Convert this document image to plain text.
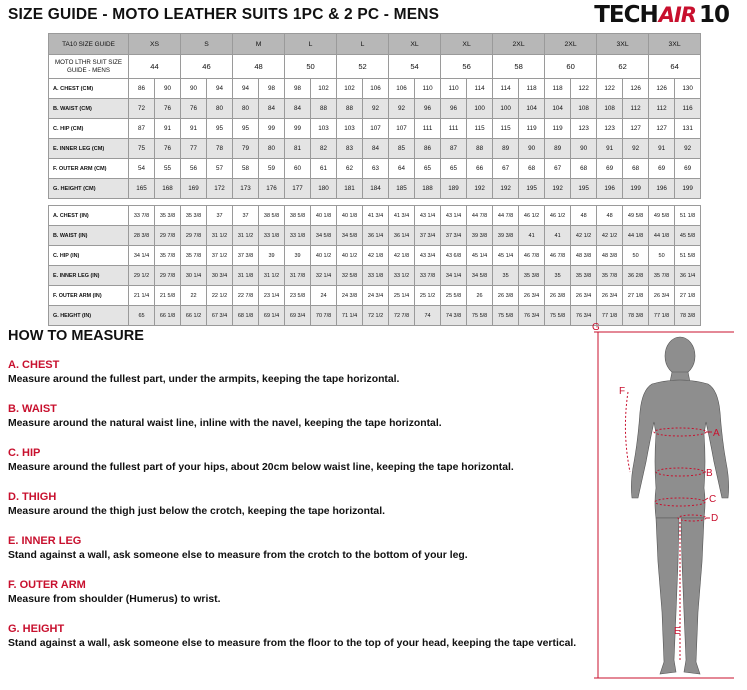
SIZE GUIDE - MOTO LEATHER SUITS 1PC & 2 PC - MENS	TECH AIR 10
TA10 SIZE GUIDE	XS		S		M		L		L		XL		XL		2XL		2XL		3XL		3XL	
MOTO LTHR SUIT SIZE GUIDE - MENS	44		46		48		50		52		54		56		58		60		62		64	
A. CHEST (CM)	86	90	90	94	94	98	98	102	102	106	106	110	110	114	114	118	118	122	122	126	126	130
B. WAIST (CM)	72	76	76	80	80	84	84	88	88	92	92	96	96	100	100	104	104	108	108	112	112	116
C. HIP (CM)	87	91	91	95	95	99	99	103	103	107	107	111	111	115	115	119	119	123	123	127	127	131
E. INNER LEG (CM)	75	76	77	78	79	80	81	82	83	84	85	86	87	88	89	90	89	90	91	92	91	92
F. OUTER ARM (CM)	54	55	56	57	58	59	60	61	62	63	64	65	65	66	67	68	67	68	69	68	69	69
G. HEIGHT (CM)	165	168	169	172	173	176	177	180	181	184	185	188	189	192	192	195	192	195	196	199	196	199

A. CHEST (IN)	33 7/8	35 3/8	35 3/8	37	37	38 5/8	38 5/8	40 1/8	40 1/8	41 3/4	41 3/4	43 1/4	43 1/4	44 7/8	44 7/8	46 1/2	46 1/2	48	48	49 5/8	49 5/8	51 1/8
B. WAIST (IN)	28 3/8	29 7/8	29 7/8	31 1/2	31 1/2	33 1/8	33 1/8	34 5/8	34 5/8	36 1/4	36 1/4	37 3/4	37 3/4	39 3/8	39 3/8	41	41	42 1/2	42 1/2	44 1/8	44 1/8	45 5/8
C. HIP (IN)	34 1/4	35 7/8	35 7/8	37 1/2	37 3/8	39	39	40 1/2	40 1/2	42 1/8	42 1/8	43 3/4	43 6/8	45 1/4	45 1/4	46 7/8	46 7/8	48 3/8	48 3/8	50	50	51 5/8
E. INNER LEG (IN)	29 1/2	29 7/8	30 1/4	30 3/4	31 1/8	31 1/2	31 7/8	32 1/4	32 5/8	33 1/8	33 1/2	33 7/8	34 1/4	34 5/8	35	35 3/8	35	35 3/8	35 7/8	36 2/8	35 7/8	36 1/4
F. OUTER ARM (IN)	21 1/4	21 5/8	22	22 1/2	22 7/8	23 1/4	23 5/8	24	24 3/8	24 3/4	25 1/4	25 1/2	25 5/8	26	26 3/8	26 3/4	26 3/8	26 3/4	26 3/4	27 1/8	26 3/4	27 1/8
G. HEIGHT (IN)	65	66 1/8	66 1/2	67 3/4	68 1/8	69 1/4	69 3/4	70 7/8	71 1/4	72 1/2	72 7/8	74	74 3/8	75 5/8	75 5/8	76 3/4	75 5/8	76 3/4	77 1/8	78 3/8	77 1/8	78 3/8
HOW TO MEASURE
A. CHEST
Measure around the fullest part, under the armpits, keeping the tape horizontal.
B. WAIST
Measure around the natural waist line, inline with the navel, keeping the tape horizontal.
C. HIP
Measure around the fullest part of your hips, about 20cm below waist line, keeping the tape horizontal.
D. THIGH
Measure around the thigh just below the crotch, keeping the tape horizontal.
E. INNER LEG
Stand against a wall, ask someone else to measure from the crotch to the bottom of your leg.
F. OUTER ARM
Measure from shoulder (Humerus) to wrist.
G. HEIGHT
Stand against a wall, ask someone else to measure from the floor to the top of your head, keeping the tape vertical.
G
F
A
B
C
D
E
